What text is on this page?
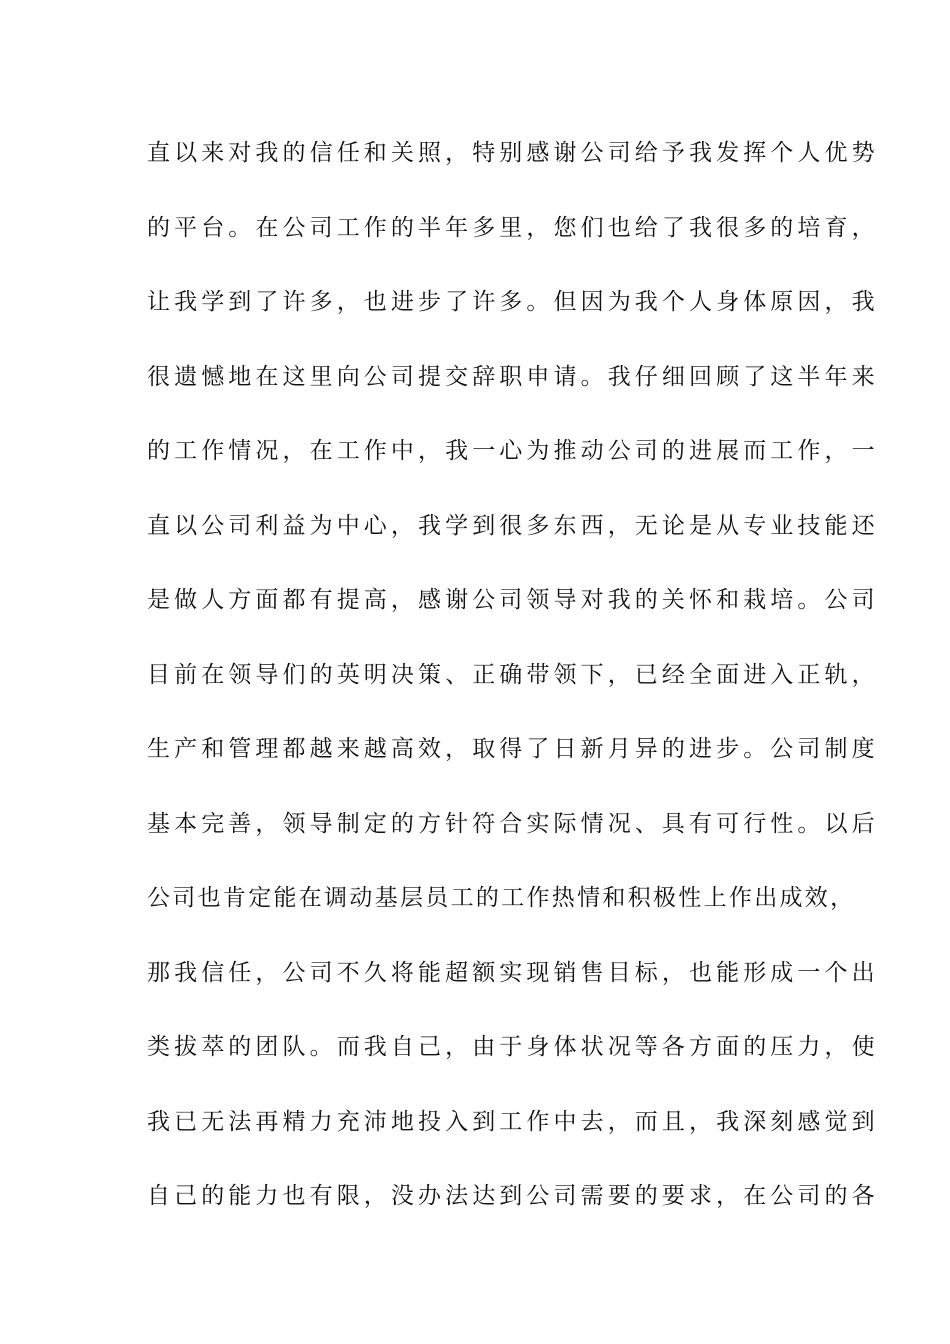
直以来对我的信任和关照，特别感谢公司给予我发挥个人优势
的平台。在公司工作的半年多里，您们也给了我很多的培育，
让我学到了许多，也进步了许多。但因为我个人身体原因，我
很遗憾地在这里向公司提交辞职申请。我仔细回顾了这半年来
的工作情况，在工作中，我一心为推动公司的进展而工作，一
直以公司利益为中心，我学到很多东西，无论是从专业技能还
是做人方面都有提高，感谢公司领导对我的关怀和栽培。公司
目前在领导们的英明决策、正确带领下，已经全面进入正轨，
生产和管理都越来越高效，取得了日新月异的进步。公司制度
基本完善，领导制定的方针符合实际情况、具有可行性。以后
公司也肯定能在调动基层员工的工作热情和积极性上作出成效，
那我信任，公司不久将能超额实现销售目标，也能形成一个出
类拔萃的团队。而我自己，由于身体状况等各方面的压力，使
我已无法再精力充沛地投入到工作中去，而且，我深刻感觉到
自己的能力也有限，没办法达到公司需要的要求，在公司的各
